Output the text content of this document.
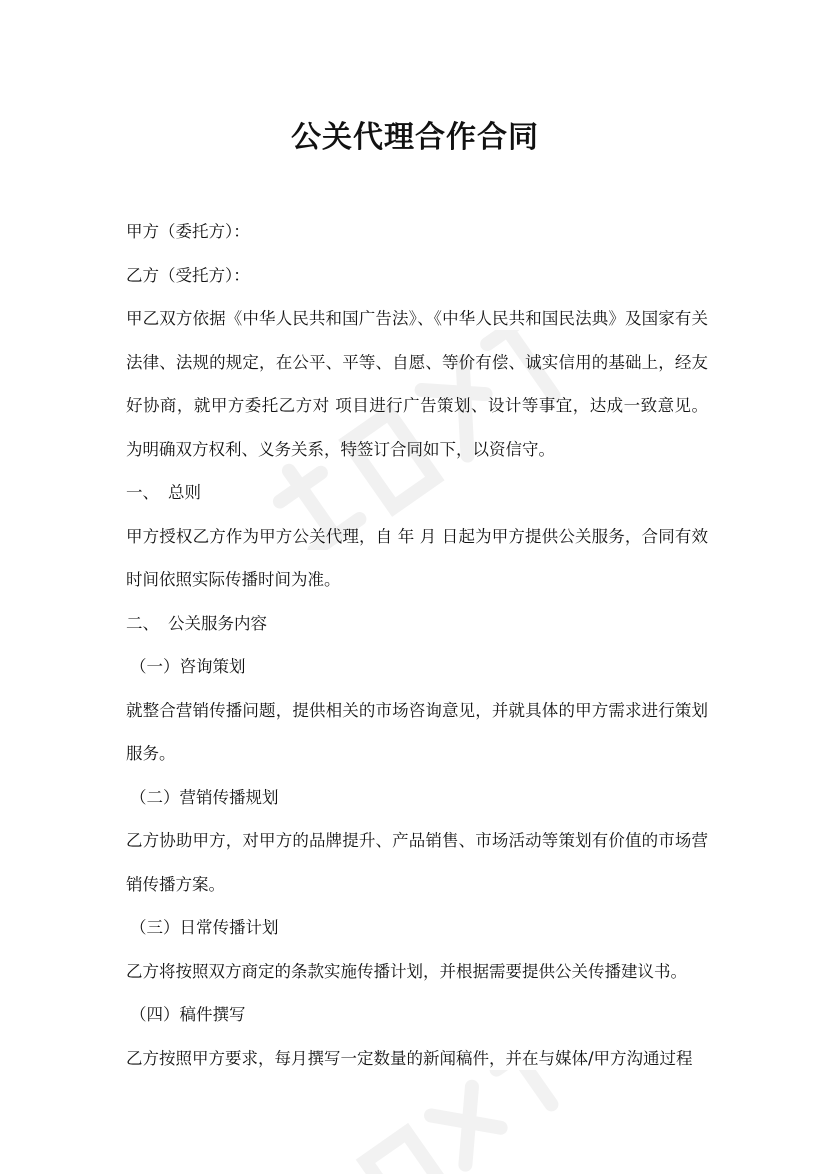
公关代理合作合同

甲方（委托方）：

乙方（受托方）：

甲乙双方依据《中华人民共和国广告法》、《中华人民共和国民法典》及国家有关法律、法规的规定，在公平、平等、自愿、等价有偿、诚实信用的基础上，经友好协商，就甲方委托乙方对 项目进行广告策划、设计等事宜，达成一致意见。为明确双方权利、义务关系，特签订合同如下，以资信守。

一、 总则

甲方授权乙方作为甲方公关代理，自 年 月 日起为甲方提供公关服务，合同有效时间依照实际传播时间为准。

二、 公关服务内容

（一）咨询策划

就整合营销传播问题，提供相关的市场咨询意见，并就具体的甲方需求进行策划服务。

（二）营销传播规划

乙方协助甲方，对甲方的品牌提升、产品销售、市场活动等策划有价值的市场营销传播方案。

（三）日常传播计划

乙方将按照双方商定的条款实施传播计划，并根据需要提供公关传播建议书。

（四）稿件撰写

乙方按照甲方要求，每月撰写一定数量的新闻稿件，并在与媒体/甲方沟通过程
